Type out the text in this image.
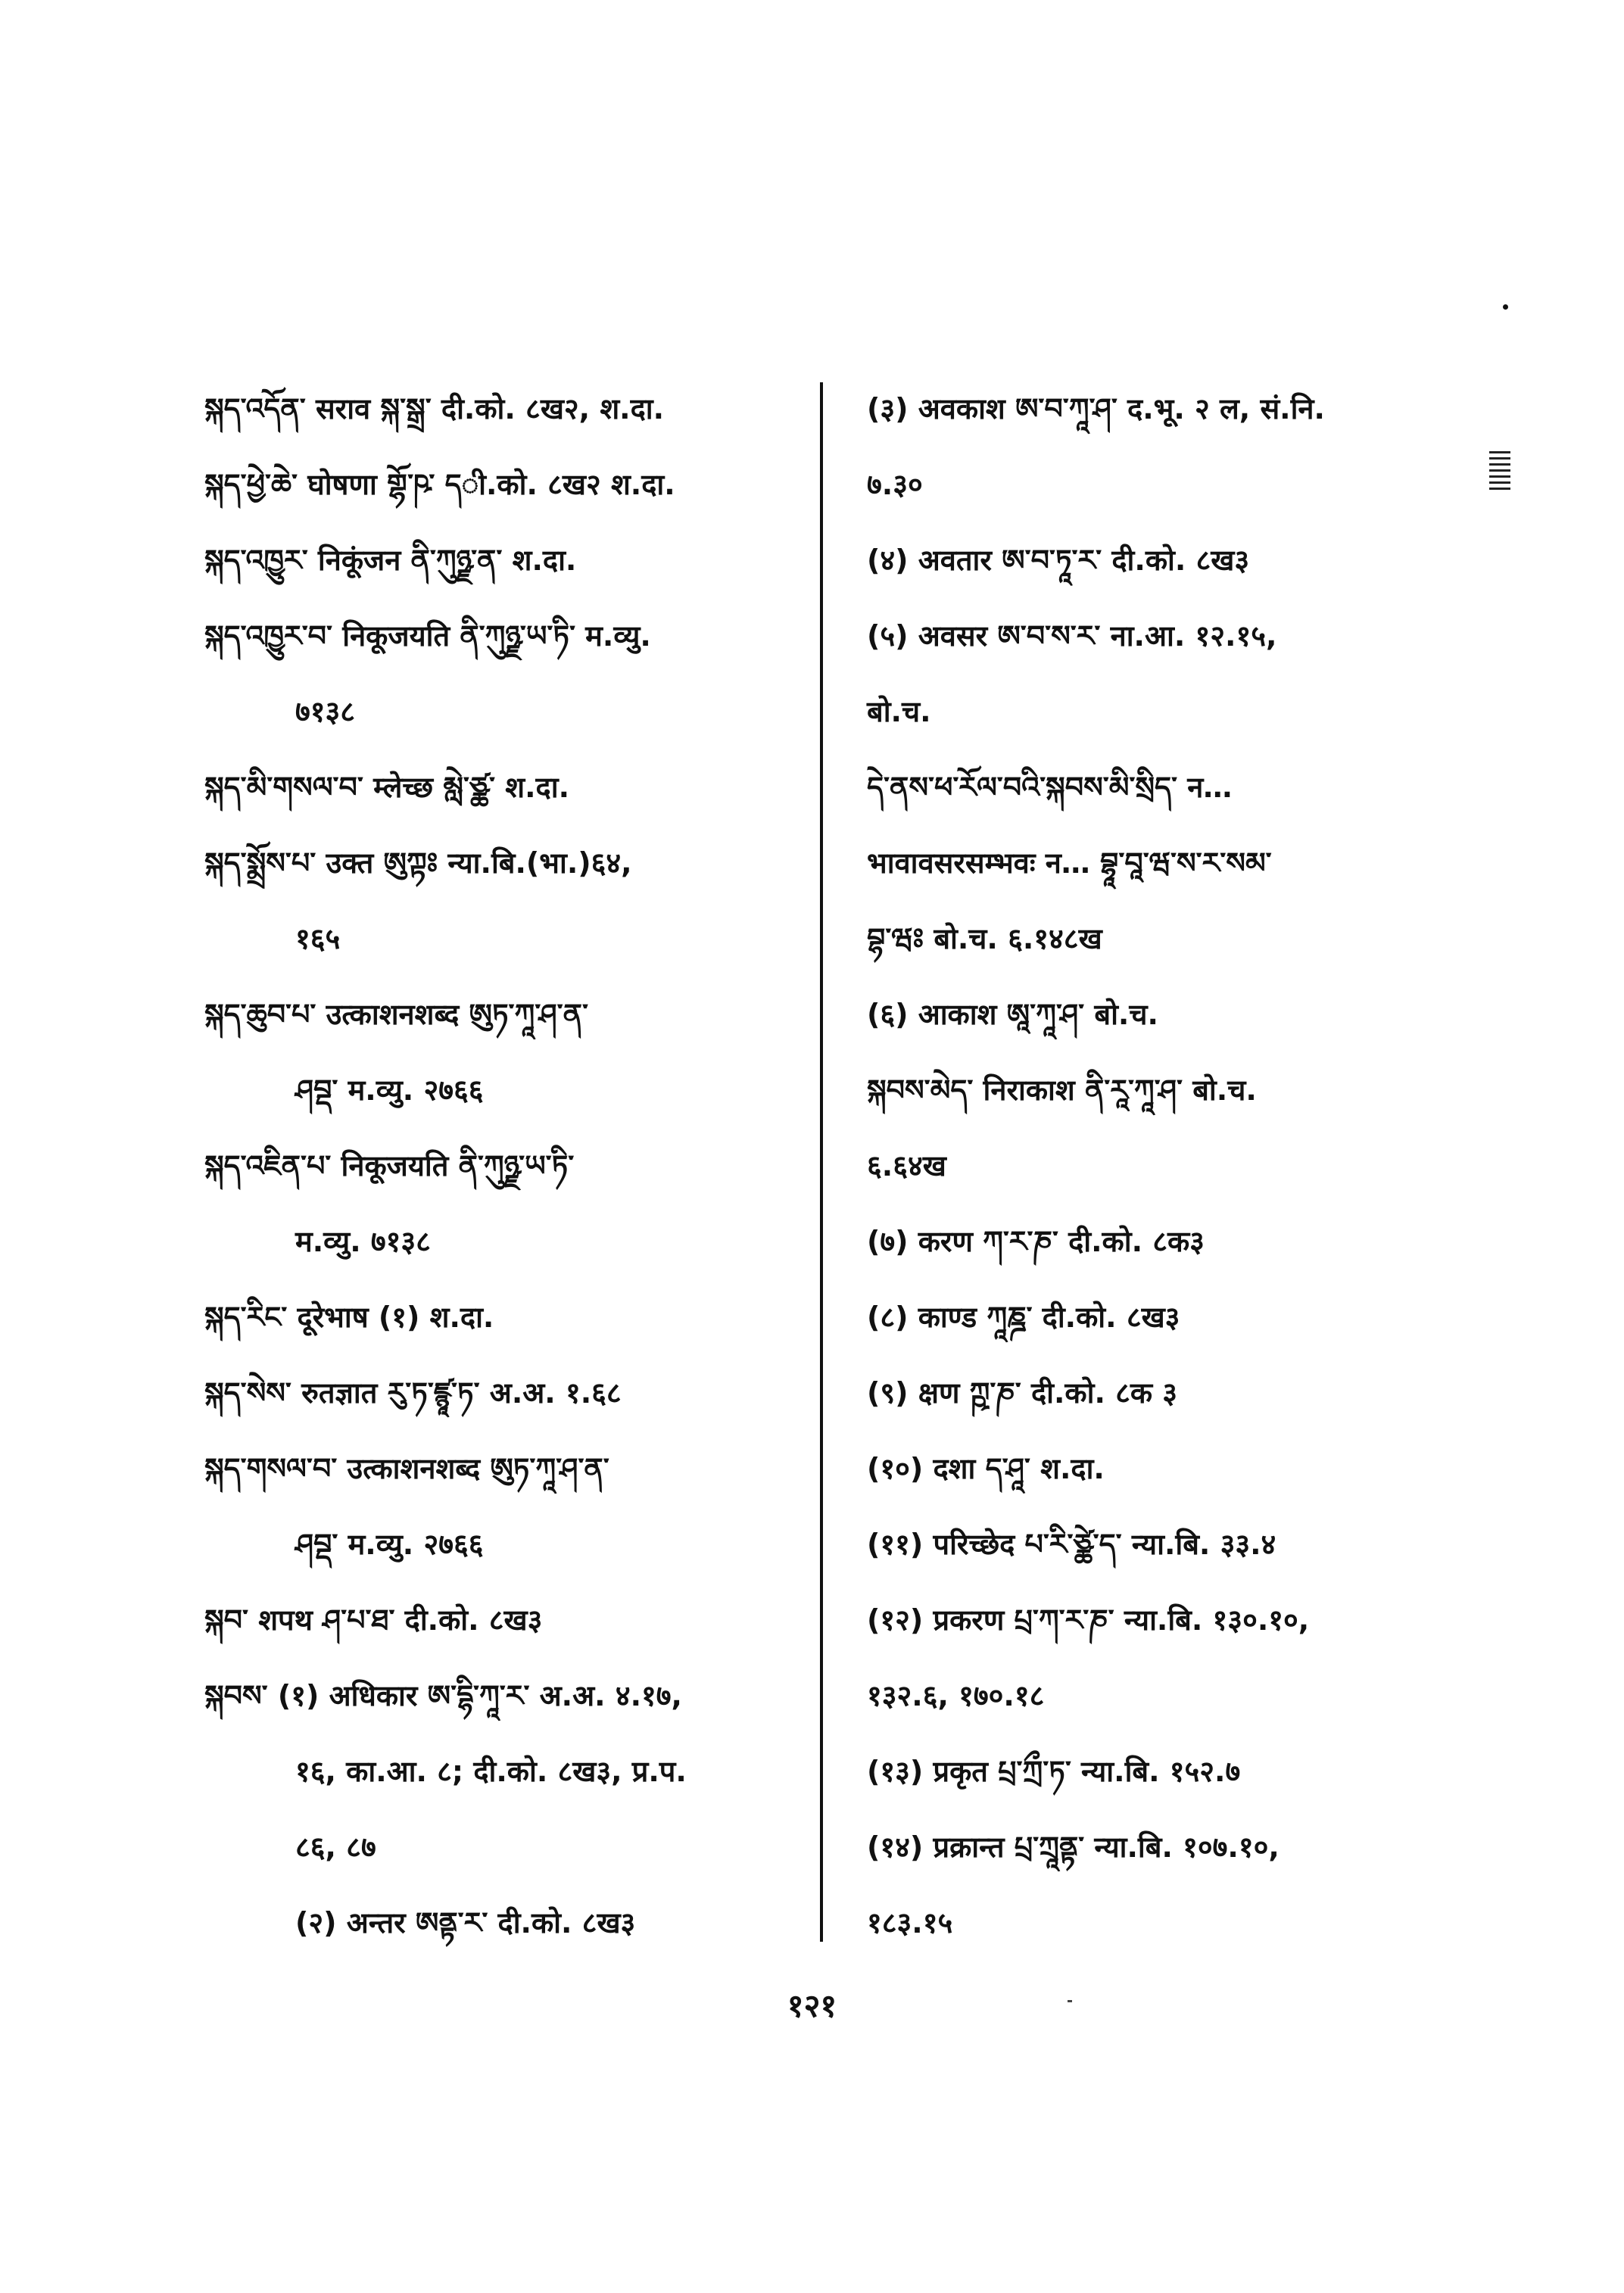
སྐད་འདོན་ सराव སྐ་སྒྲ་ दी.को. ८ख२, श.दा.
སྐད་ཕྱེ་ཆེ་ घोषणा གྷོ་ཥ་ དी.को. ८ख२ श.दा.
སྐད་འཁྱུར་ निकूंजन ནི་ཀུཉྫ་ན་ श.दा.
སྐད་འཁྱུར་བ་ निकूजयति ནི་ཀུཉྫ་ཡ་ཏི་ म.व्यु.
७१३८
སྐད་མི་གསལ་བ་ म्लेच्छ མླེ་ཙྪ་ श.दा.
སྐད་སྨྲོས་པ་ उक्त ཨུཀྟཿ न्या.बि.(भा.)६४,
१६५
སྐད་ཆུབ་པ་ उत्काशनशब्द ཨུཏ་ཀཱ་ཤ་ན་
ཤབྡ་ म.व्यु. २७६६
སྐད་འཇིན་པ་ निकूजयति ནི་ཀུཉྫ་ཡ་ཏི་
म.व्यु. ७१३८
སྐད་རིང་ दूरेभाष (१) श.दा.
སྐད་སེས་ रुतज्ञात རུ་ཏ་ཛྙཱ་ཏ་ अ.अ. १.६८
སྐད་གསལ་བ་ उत्काशनशब्द ཨུཏ་ཀཱ་ཤ་ན་
ཤབྡ་ म.व्यु. २७६६
སྐབ་ शपथ ཤ་པ་ཐ་ दी.को. ८ख३
སྐབས་ (१) अधिकार ཨ་དྷི་ཀཱ་ར་ अ.अ. ४.१७,
१६, का.आ. ८; दी.को. ८ख३, प्र.प.
८६, ८७
(२) अन्तर ཨནྟ་ར་ दी.को. ८ख३
(३) अवकाश ཨ་བ་ཀཱ་ཤ་ द.भू. २ ल, सं.नि.
७.३०
(४) अवतार ཨ་བ་ཏཱ་ར་ दी.को. ८ख३
(५) अवसर ཨ་བ་ས་ར་ ना.आ. १२.१५,
बो.च.
དེ་ནས་ཕ་རོལ་བའི་སྐབས་མི་སྲིད་ न…
भावावसरसम्भवः न… བྷཱ་བཱ་ཝ་ས་ར་སམ་
བྷ་ཝཿ बो.च. ६.१४८ख
(६) आकाश ཨཱ་ཀཱ་ཤ་ बो.च.
སྐབས་མེད་ निराकाश ནི་རཱ་ཀཱ་ཤ་ बो.च.
६.६४ख
(७) करण ཀ་ར་ཎ་ दी.को. ८क३
(८) काण्ड ཀཱཎྜ་ दी.को. ८ख३
(९) क्षण ཀྵ་ཎ་ दी.को. ८क ३
(१०) दशा ད་ཤཱ་ श.दा.
(११) परिच्छेद པ་རི་ཙྪེ་ད་ न्या.बि. ३३.४
(१२) प्रकरण པྲ་ཀ་ར་ཎ་ न्या.बि. १३०.१०,
१३२.६, १७०.१८
(१३) प्रकृत པྲ་ཀྲྀ་ཏ་ न्या.बि. १५२.७
(१४) प्रक्रान्त པྲ་ཀྲཱནྟ་ न्या.बि. १०७.१०,
१८३.१५
१२१
